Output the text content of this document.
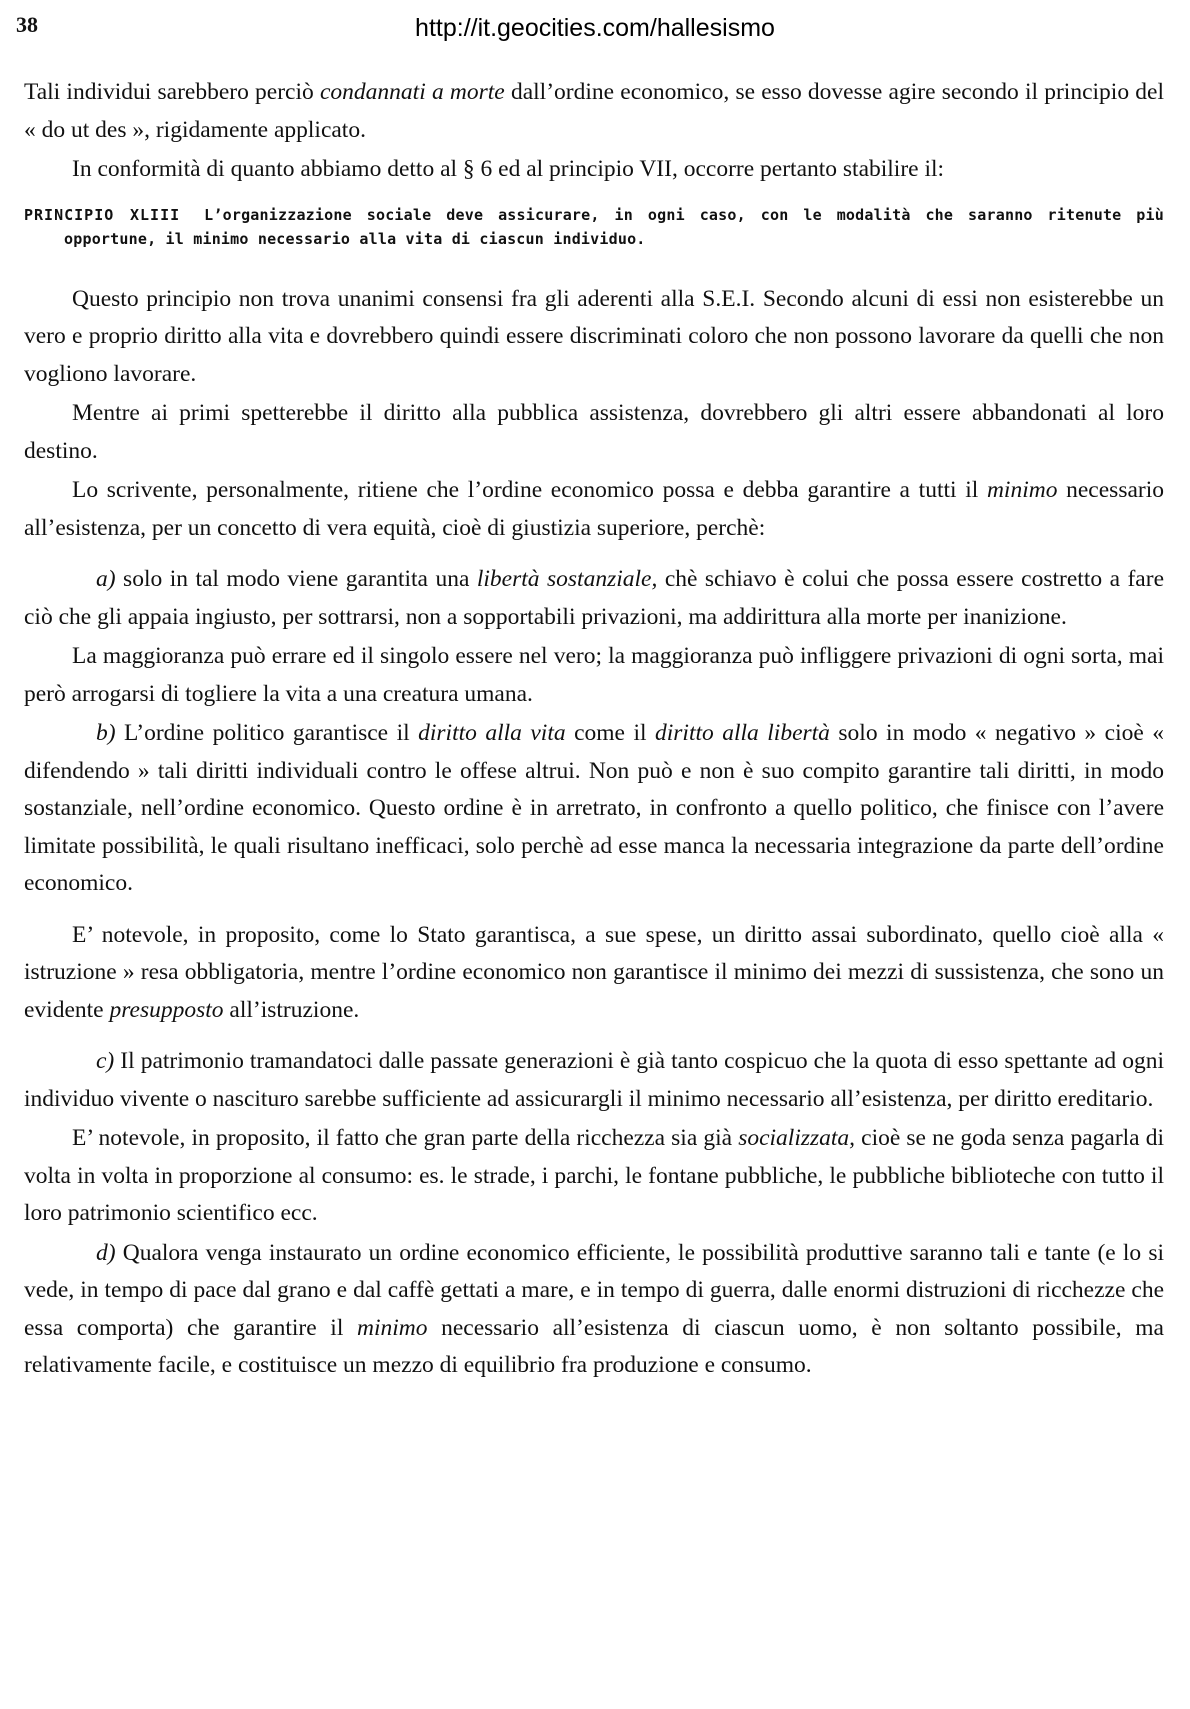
38	http://it.geocities.com/hallesismo

Tali individui sarebbero perciò condannati a morte dall’ordine economico, se esso dovesse agire secondo il principio del « do ut des », rigidamente applicato.

In conformità di quanto abbiamo detto al § 6 ed al principio VII, occorre pertanto stabilire il:

PRINCIPIO XLIII L’organizzazione sociale deve assicurare, in ogni caso, con le modalità che saranno ritenute più opportune, il minimo necessario alla vita di ciascun individuo.

Questo principio non trova unanimi consensi fra gli aderenti alla S.E.I. Secondo alcuni di essi non esisterebbe un vero e proprio diritto alla vita e dovrebbero quindi essere discriminati coloro che non possono lavorare da quelli che non vogliono lavorare.

Mentre ai primi spetterebbe il diritto alla pubblica assistenza, dovrebbero gli altri essere abbandonati al loro destino.

Lo scrivente, personalmente, ritiene che l’ordine economico possa e debba garantire a tutti il minimo necessario all’esistenza, per un concetto di vera equità, cioè di giustizia superiore, perchè:

a) solo in tal modo viene garantita una libertà sostanziale, chè schiavo è colui che possa essere costretto a fare ciò che gli appaia ingiusto, per sottrarsi, non a sopportabili privazioni, ma addirittura alla morte per inanizione.

La maggioranza può errare ed il singolo essere nel vero; la maggioranza può infliggere privazioni di ogni sorta, mai però arrogarsi di togliere la vita a una creatura umana.

b) L’ordine politico garantisce il diritto alla vita come il diritto alla libertà solo in modo « negativo » cioè « difendendo » tali diritti individuali contro le offese altrui. Non può e non è suo compito garantire tali diritti, in modo sostanziale, nell’ordine economico. Questo ordine è in arretrato, in confronto a quello politico, che finisce con l’avere limitate possibilità, le quali risultano inefficaci, solo perchè ad esse manca la necessaria integrazione da parte dell’ordine economico.

E’ notevole, in proposito, come lo Stato garantisca, a sue spese, un diritto assai subordinato, quello cioè alla « istruzione » resa obbligatoria, mentre l’ordine economico non garantisce il minimo dei mezzi di sussistenza, che sono un evidente presupposto all’istruzione.

c) Il patrimonio tramandatoci dalle passate generazioni è già tanto cospicuo che la quota di esso spettante ad ogni individuo vivente o nascituro sarebbe sufficiente ad assicurargli il minimo necessario all’esistenza, per diritto ereditario.

E’ notevole, in proposito, il fatto che gran parte della ricchezza sia già socializzata, cioè se ne goda senza pagarla di volta in volta in proporzione al consumo: es. le strade, i parchi, le fontane pubbliche, le pubbliche biblioteche con tutto il loro patrimonio scientifico ecc.

d) Qualora venga instaurato un ordine economico efficiente, le possibilità produttive saranno tali e tante (e lo si vede, in tempo di pace dal grano e dal caffè gettati a mare, e in tempo di guerra, dalle enormi distruzioni di ricchezze che essa comporta) che garantire il minimo necessario all’esistenza di ciascun uomo, è non soltanto possibile, ma relativamente facile, e costituisce un mezzo di equilibrio fra produzione e consumo.
